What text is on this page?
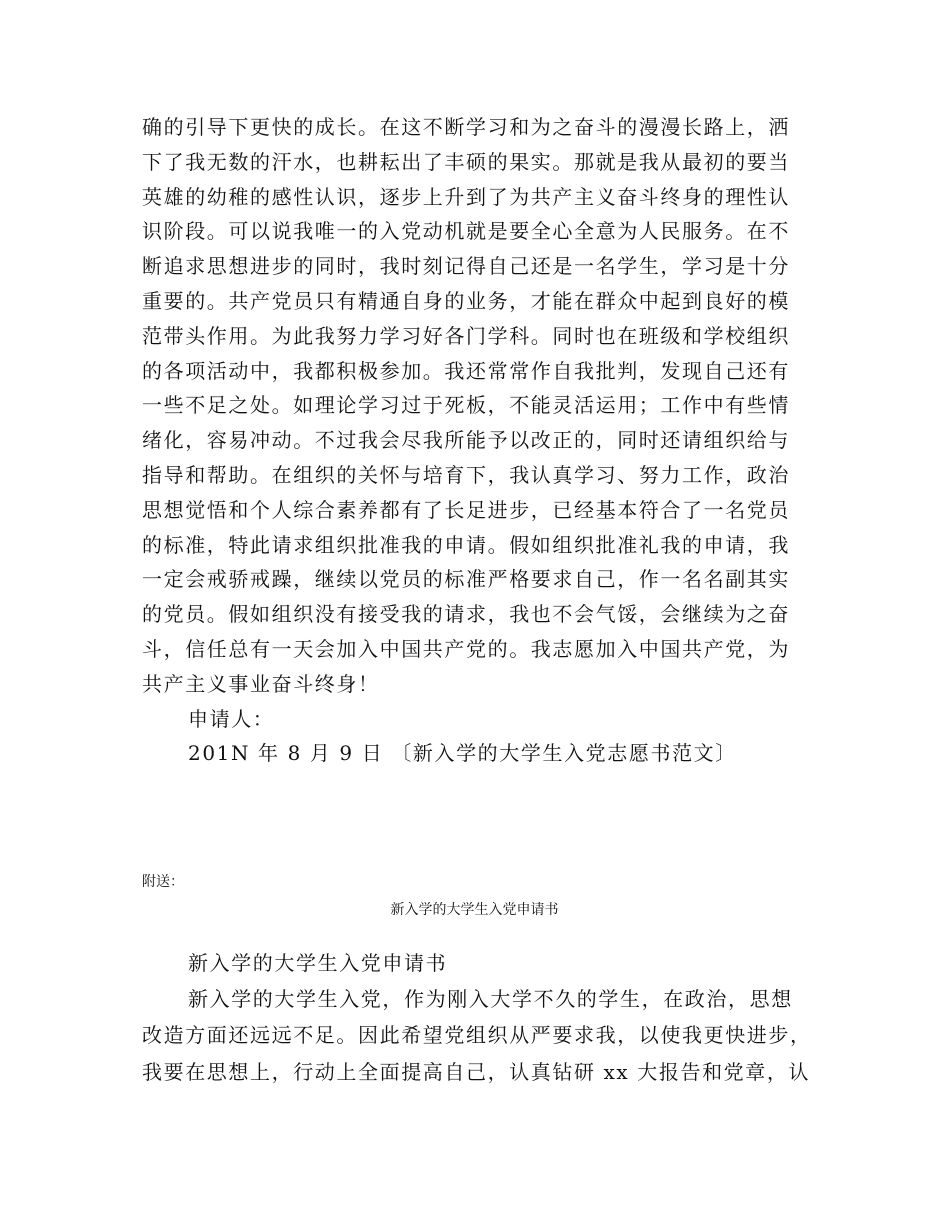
确的引导下更快的成长。在这不断学习和为之奋斗的漫漫长路上，洒
下了我无数的汗水，也耕耘出了丰硕的果实。那就是我从最初的要当
英雄的幼稚的感性认识，逐步上升到了为共产主义奋斗终身的理性认
识阶段。可以说我唯一的入党动机就是要全心全意为人民服务。在不
断追求思想进步的同时，我时刻记得自己还是一名学生，学习是十分
重要的。共产党员只有精通自身的业务，才能在群众中起到良好的模
范带头作用。为此我努力学习好各门学科。同时也在班级和学校组织
的各项活动中，我都积极参加。我还常常作自我批判，发现自己还有
一些不足之处。如理论学习过于死板，不能灵活运用；工作中有些情
绪化，容易冲动。不过我会尽我所能予以改正的，同时还请组织给与
指导和帮助。在组织的关怀与培育下，我认真学习、努力工作，政治
思想觉悟和个人综合素养都有了长足进步，已经基本符合了一名党员
的标准，特此请求组织批准我的申请。假如组织批准礼我的申请，我
一定会戒骄戒躁，继续以党员的标准严格要求自己，作一名名副其实
的党员。假如组织没有接受我的请求，我也不会气馁，会继续为之奋
斗，信任总有一天会加入中国共产党的。我志愿加入中国共产党，为
共产主义事业奋斗终身！
申请人：
201N 年 8 月 9 日 〔新入学的大学生入党志愿书范文〕
附送：
新入学的大学生入党申请书
新入学的大学生入党申请书
新入学的大学生入党，作为刚入大学不久的学生，在政治，思想
改造方面还远远不足。因此希望党组织从严要求我，以使我更快进步，
我要在思想上，行动上全面提高自己，认真钻研 xx 大报告和党章，认
